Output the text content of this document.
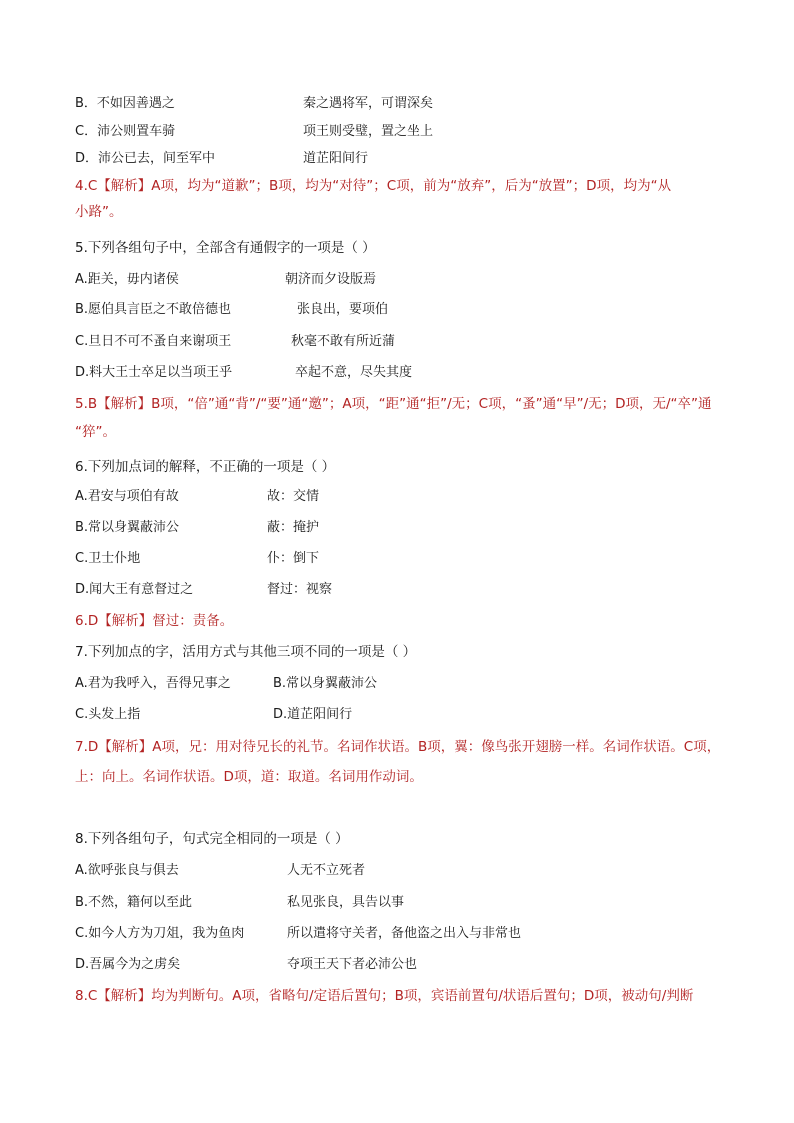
B．不如因善遇之	秦之遇将军，可谓深矣
C．沛公则置车骑	项王则受璧，置之坐上
D．沛公已去，间至军中	道芷阳间行
4.C【解析】A项，均为“道歉”；B项，均为“对待”；C项，前为“放弃”，后为“放置”；D项，均为“从
小路”。
5.下列各组句子中，全部含有通假字的一项是（ ）
A.距关，毋内诸侯	朝济而夕设版焉
B.愿伯具言臣之不敢倍德也	张良出，要项伯
C.旦日不可不蚤自来谢项王	秋毫不敢有所近蒲
D.料大王士卒足以当项王乎	卒起不意，尽失其度
5.B【解析】B项，“倍”通“背”/“要”通“邀”；A项，“距”通“拒”/无；C项，“蚤”通“早”/无；D项，无/“卒”通
“猝”。
6.下列加点词的解释，不正确的一项是（ ）
A.君安与项伯有故	故：交情
B.常以身翼蔽沛公	蔽：掩护
C.卫士仆地	仆：倒下
D.闻大王有意督过之	督过：视察
6.D【解析】督过：责备。
7.下列加点的字，活用方式与其他三项不同的一项是（ ）
A.君为我呼入，吾得兄事之	B.常以身翼蔽沛公
C.头发上指	D.道芷阳间行
7.D【解析】A项，兄：用对待兄长的礼节。名词作状语。B项，翼：像鸟张开翅膀一样。名词作状语。C项，
上：向上。名词作状语。D项，道：取道。名词用作动词。
8.下列各组句子，句式完全相同的一项是（ ）
A.欲呼张良与俱去	人无不立死者
B.不然，籍何以至此	私见张良，具告以事
C.如今人方为刀俎，我为鱼肉	所以遣将守关者，备他盗之出入与非常也
D.吾属今为之虏矣	夺项王天下者必沛公也
8.C【解析】均为判断句。A项，省略句/定语后置句；B项，宾语前置句/状语后置句；D项，被动句/判断
